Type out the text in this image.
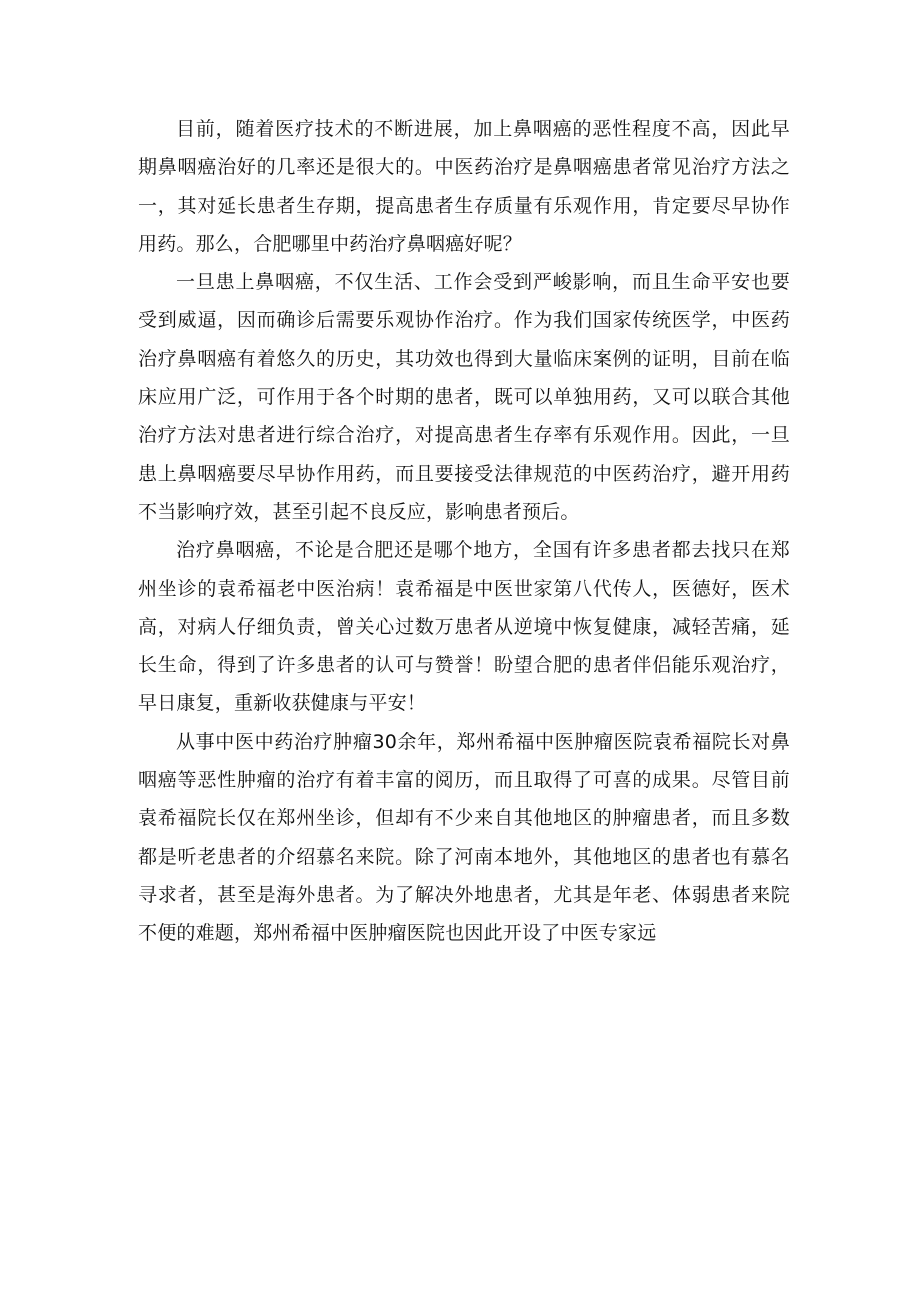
目前，随着医疗技术的不断进展，加上鼻咽癌的恶性程度不高，因此早期鼻咽癌治好的几率还是很大的。中医药治疗是鼻咽癌患者常见治疗方法之一，其对延长患者生存期，提高患者生存质量有乐观作用，肯定要尽早协作用药。那么，合肥哪里中药治疗鼻咽癌好呢？

一旦患上鼻咽癌，不仅生活、工作会受到严峻影响，而且生命平安也要受到威逼，因而确诊后需要乐观协作治疗。作为我们国家传统医学，中医药治疗鼻咽癌有着悠久的历史，其功效也得到大量临床案例的证明，目前在临床应用广泛，可作用于各个时期的患者，既可以单独用药，又可以联合其他治疗方法对患者进行综合治疗，对提高患者生存率有乐观作用。因此，一旦患上鼻咽癌要尽早协作用药，而且要接受法律规范的中医药治疗，避开用药不当影响疗效，甚至引起不良反应，影响患者预后。

治疗鼻咽癌，不论是合肥还是哪个地方，全国有许多患者都去找只在郑州坐诊的袁希福老中医治病！袁希福是中医世家第八代传人，医德好，医术高，对病人仔细负责，曾关心过数万患者从逆境中恢复健康，减轻苦痛，延长生命，得到了许多患者的认可与赞誉！盼望合肥的患者伴侣能乐观治疗，早日康复，重新收获健康与平安！

从事中医中药治疗肿瘤30余年，郑州希福中医肿瘤医院袁希福院长对鼻咽癌等恶性肿瘤的治疗有着丰富的阅历，而且取得了可喜的成果。尽管目前袁希福院长仅在郑州坐诊，但却有不少来自其他地区的肿瘤患者，而且多数都是听老患者的介绍慕名来院。除了河南本地外，其他地区的患者也有慕名寻求者，甚至是海外患者。为了解决外地患者，尤其是年老、体弱患者来院不便的难题，郑州希福中医肿瘤医院也因此开设了中医专家远
